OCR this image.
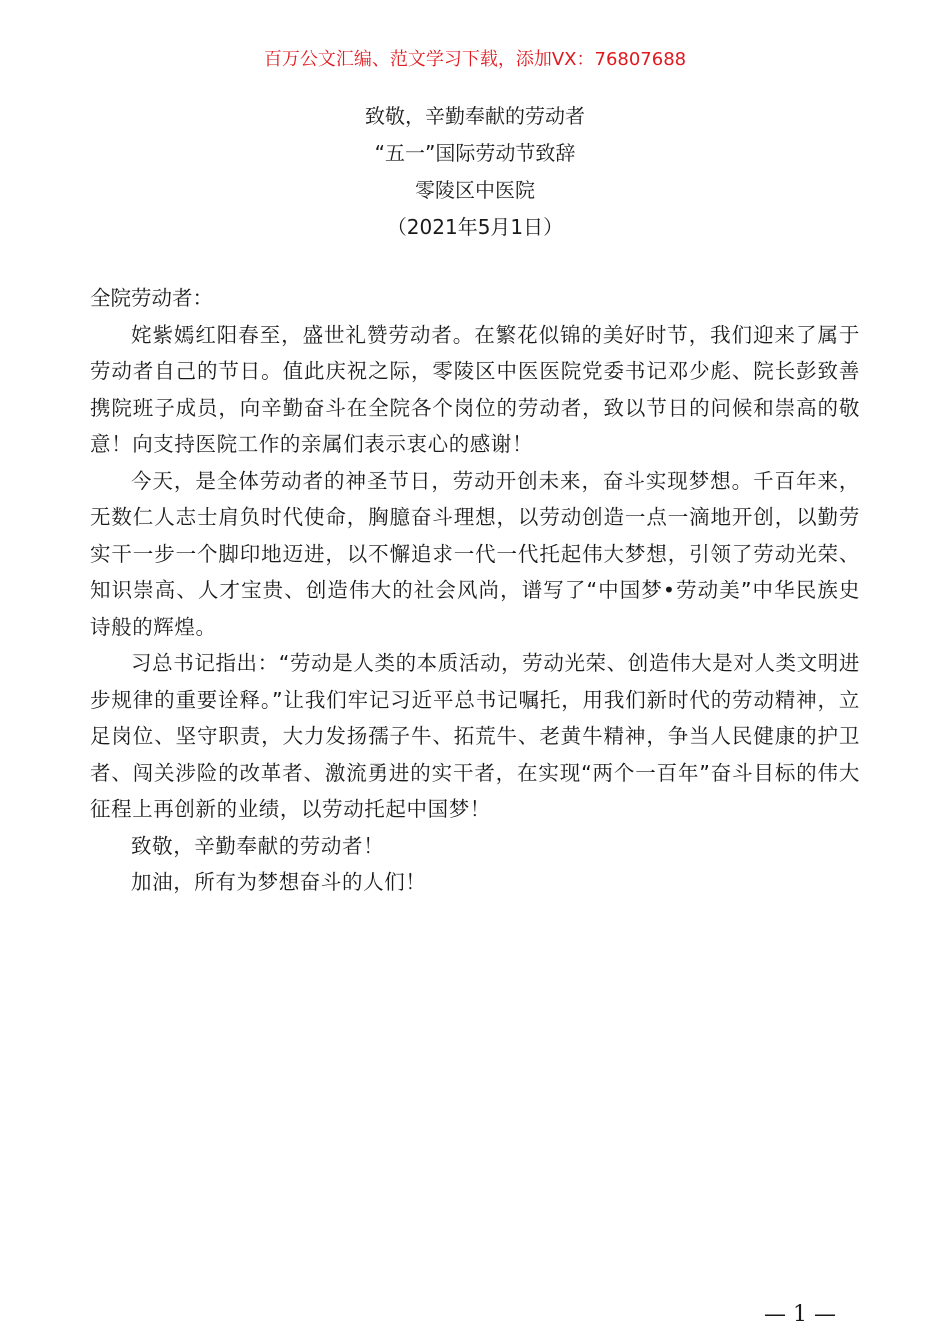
百万公文汇编、范文学习下载，添加VX：76807688
致敬，辛勤奉献的劳动者
“五一”国际劳动节致辞
零陵区中医院
（2021年5月1日）
全院劳动者：

姹紫嫣红阳春至，盛世礼赞劳动者。在繁花似锦的美好时节，我们迎来了属于劳动者自己的节日。值此庆祝之际，零陵区中医医院党委书记邓少彪、院长彭致善携院班子成员，向辛勤奋斗在全院各个岗位的劳动者，致以节日的问候和崇高的敬意！向支持医院工作的亲属们表示衷心的感谢！

今天，是全体劳动者的神圣节日，劳动开创未来，奋斗实现梦想。千百年来，无数仁人志士肩负时代使命，胸臆奋斗理想，以劳动创造一点一滴地开创，以勤劳实干一步一个脚印地迈进，以不懈追求一代一代托起伟大梦想，引领了劳动光荣、知识崇高、人才宝贵、创造伟大的社会风尚，谱写了“中国梦•劳动美”中华民族史诗般的辉煌。

习总书记指出：“劳动是人类的本质活动，劳动光荣、创造伟大是对人类文明进步规律的重要诠释。”让我们牢记习近平总书记嘱托，用我们新时代的劳动精神，立足岗位、坚守职责，大力发扬孺子牛、拓荒牛、老黄牛精神，争当人民健康的护卫者、闯关涉险的改革者、激流勇进的实干者，在实现“两个一百年”奋斗目标的伟大征程上再创新的业绩，以劳动托起中国梦！

致敬，辛勤奉献的劳动者！

加油，所有为梦想奋斗的人们！

— 1 —
